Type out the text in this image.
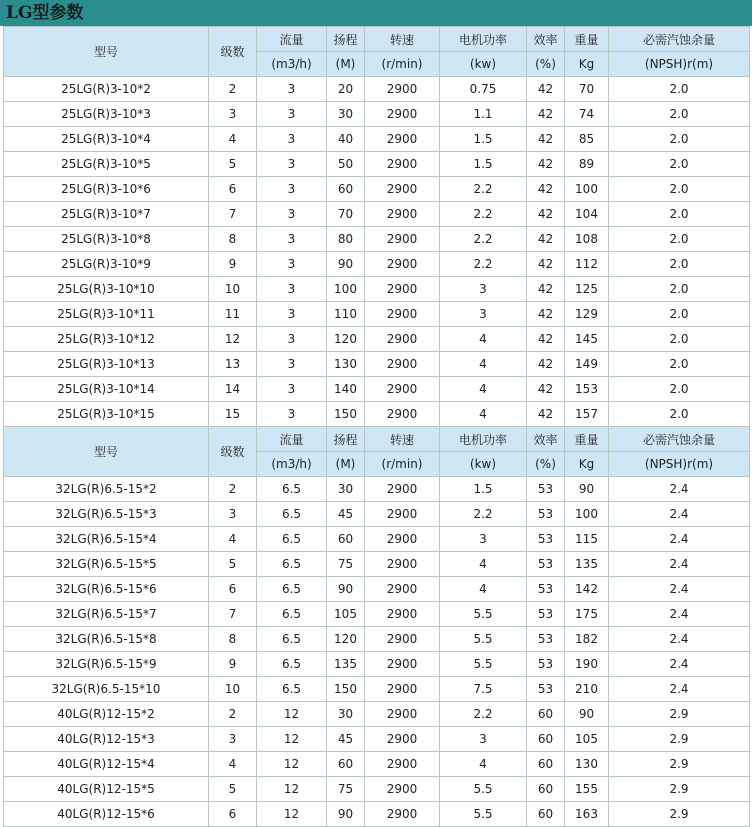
LG型参数
型号	级数	流量	扬程	转速	电机功率	效率	重量	必需汽蚀余量
		(m3/h)	(M)	(r/min)	(kw)	(%)	Kg	(NPSH)r(m)
25LG(R)3-10*2	2	3	20	2900	0.75	42	70	2.0
25LG(R)3-10*3	3	3	30	2900	1.1	42	74	2.0
25LG(R)3-10*4	4	3	40	2900	1.5	42	85	2.0
25LG(R)3-10*5	5	3	50	2900	1.5	42	89	2.0
25LG(R)3-10*6	6	3	60	2900	2.2	42	100	2.0
25LG(R)3-10*7	7	3	70	2900	2.2	42	104	2.0
25LG(R)3-10*8	8	3	80	2900	2.2	42	108	2.0
25LG(R)3-10*9	9	3	90	2900	2.2	42	112	2.0
25LG(R)3-10*10	10	3	100	2900	3	42	125	2.0
25LG(R)3-10*11	11	3	110	2900	3	42	129	2.0
25LG(R)3-10*12	12	3	120	2900	4	42	145	2.0
25LG(R)3-10*13	13	3	130	2900	4	42	149	2.0
25LG(R)3-10*14	14	3	140	2900	4	42	153	2.0
25LG(R)3-10*15	15	3	150	2900	4	42	157	2.0
型号	级数	流量	扬程	转速	电机功率	效率	重量	必需汽蚀余量
		(m3/h)	(M)	(r/min)	(kw)	(%)	Kg	(NPSH)r(m)
32LG(R)6.5-15*2	2	6.5	30	2900	1.5	53	90	2.4
32LG(R)6.5-15*3	3	6.5	45	2900	2.2	53	100	2.4
32LG(R)6.5-15*4	4	6.5	60	2900	3	53	115	2.4
32LG(R)6.5-15*5	5	6.5	75	2900	4	53	135	2.4
32LG(R)6.5-15*6	6	6.5	90	2900	4	53	142	2.4
32LG(R)6.5-15*7	7	6.5	105	2900	5.5	53	175	2.4
32LG(R)6.5-15*8	8	6.5	120	2900	5.5	53	182	2.4
32LG(R)6.5-15*9	9	6.5	135	2900	5.5	53	190	2.4
32LG(R)6.5-15*10	10	6.5	150	2900	7.5	53	210	2.4
40LG(R)12-15*2	2	12	30	2900	2.2	60	90	2.9
40LG(R)12-15*3	3	12	45	2900	3	60	105	2.9
40LG(R)12-15*4	4	12	60	2900	4	60	130	2.9
40LG(R)12-15*5	5	12	75	2900	5.5	60	155	2.9
40LG(R)12-15*6	6	12	90	2900	5.5	60	163	2.9
